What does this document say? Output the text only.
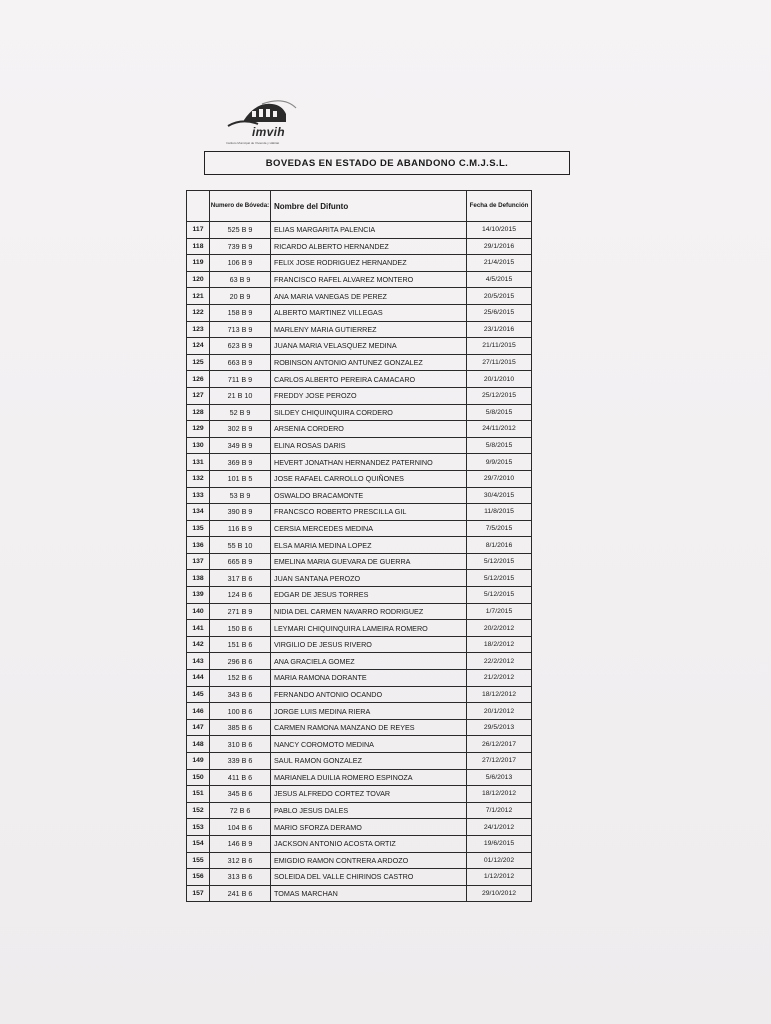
imvih
Instituto Municipal de Vivienda y Hábitat
BOVEDAS EN ESTADO DE ABANDONO C.M.J.S.L.
	Numero de Bóveda:	Nombre del Difunto	Fecha de Defunción
117	525 B 9	ELIAS MARGARITA PALENCIA	14/10/2015
118	739 B 9	RICARDO ALBERTO HERNANDEZ	29/1/2016
119	106 B 9	FELIX JOSE RODRIGUEZ HERNANDEZ	21/4/2015
120	63 B 9	FRANCISCO RAFEL ALVAREZ MONTERO	4/5/2015
121	20 B 9	ANA MARIA VANEGAS DE PEREZ	20/5/2015
122	158 B 9	ALBERTO MARTINEZ VILLEGAS	25/6/2015
123	713 B 9	MARLENY MARIA GUTIERREZ	23/1/2016
124	623 B 9	JUANA MARIA VELASQUEZ MEDINA	21/11/2015
125	663 B 9	ROBINSON ANTONIO ANTUNEZ GONZALEZ	27/11/2015
126	711 B 9	CARLOS ALBERTO PEREIRA CAMACARO	20/1/2010
127	21 B 10	FREDDY JOSE PEROZO	25/12/2015
128	52 B 9	SILDEY CHIQUINQUIRA CORDERO	5/8/2015
129	302 B 9	ARSENIA CORDERO	24/11/2012
130	349 B 9	ELINA ROSAS DARIS	5/8/2015
131	369 B 9	HEVERT JONATHAN HERNANDEZ PATERNINO	9/9/2015
132	101 B 5	JOSE RAFAEL CARROLLO QUIÑONES	29/7/2010
133	53 B 9	OSWALDO BRACAMONTE	30/4/2015
134	390 B 9	FRANCSCO ROBERTO PRESCILLA GIL	11/8/2015
135	116 B 9	CERSIA MERCEDES MEDINA	7/5/2015
136	55 B 10	ELSA MARIA MEDINA LOPEZ	8/1/2016
137	665 B 9	EMELINA MARIA GUEVARA DE GUERRA	5/12/2015
138	317 B 6	JUAN SANTANA PEROZO	5/12/2015
139	124 B 6	EDGAR DE JESUS TORRES	5/12/2015
140	271 B 9	NIDIA DEL CARMEN NAVARRO RODRIGUEZ	1/7/2015
141	150 B 6	LEYMARI CHIQUINQUIRA LAMEIRA ROMERO	20/2/2012
142	151 B 6	VIRGILIO DE JESUS RIVERO	18/2/2012
143	296 B 6	ANA GRACIELA GOMEZ	22/2/2012
144	152 B 6	MARIA RAMONA DORANTE	21/2/2012
145	343 B 6	FERNANDO ANTONIO OCANDO	18/12/2012
146	100 B 6	JORGE LUIS MEDINA RIERA	20/1/2012
147	385 B 6	CARMEN RAMONA MANZANO DE REYES	29/5/2013
148	310 B 6	NANCY COROMOTO MEDINA	26/12/2017
149	339 B 6	SAUL RAMON GONZALEZ	27/12/2017
150	411 B 6	MARIANELA DUILIA ROMERO ESPINOZA	5/6/2013
151	345 B 6	JESUS ALFREDO CORTEZ TOVAR	18/12/2012
152	72 B 6	PABLO JESUS DALES	7/1/2012
153	104 B 6	MARIO SFORZA DERAMO	24/1/2012
154	146 B 9	JACKSON ANTONIO ACOSTA ORTIZ	19/6/2015
155	312 B 6	EMIGDIO RAMON CONTRERA ARDOZO	01/12/202
156	313 B 6	SOLEIDA DEL VALLE CHIRINOS CASTRO	1/12/2012
157	241 B 6	TOMAS MARCHAN	29/10/2012
